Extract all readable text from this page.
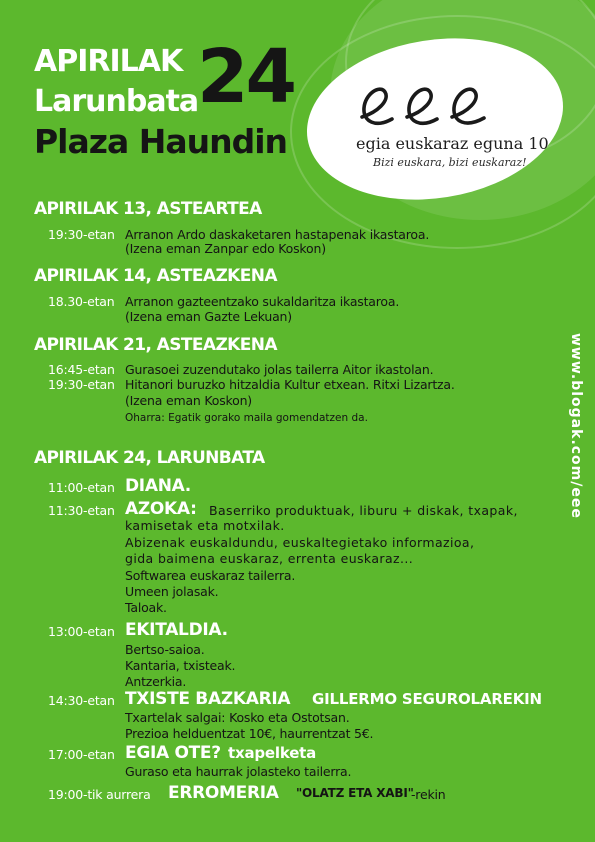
APIRILAK
Larunbata
Plaza Haundin
24
egia euskaraz eguna 10
Bizi euskara, bizi euskaraz!
www.blogak.com/eee
APIRILAK 13, ASTEARTEA
19:30-etan Arranon Ardo daskaketaren hastapenak ikastaroa.
(Izena eman Zanpar edo Koskon)
APIRILAK 14, ASTEAZKENA
18.30-etan Arranon gazteentzako sukaldaritza ikastaroa.
(Izena eman Gazte Lekuan)
APIRILAK 21, ASTEAZKENA
16:45-etan Gurasoei zuzendutako jolas tailerra Aitor ikastolan.
19:30-etan Hitanori buruzko hitzaldia Kultur etxean. Ritxi Lizartza.
(Izena eman Koskon)
Oharra: Egatik gorako maila gomendatzen da.
APIRILAK 24, LARUNBATA
11:00-etan DIANA.
11:30-etan AZOKA: Baserriko produktuak, liburu + diskak, txapak,
kamisetak eta motxilak.
Abizenak euskaldundu, euskaltegietako informazioa,
gida baimena euskaraz, errenta euskaraz...
Softwarea euskaraz tailerra.
Umeen jolasak.
Taloak.
13:00-etan EKITALDIA.
Bertso-saioa.
Kantaria, txisteak.
Antzerkia.
14:30-etan TXISTE BAZKARIA GILLERMO SEGUROLAREKIN
Txartelak salgai: Kosko eta Ostotsan.
Prezioa helduentzat 10€, haurrentzat 5€.
17:00-etan EGIA OTE? txapelketa
Guraso eta haurrak jolasteko tailerra.
19:00-tik aurrera ERROMERIA "OLATZ ETA XABI"
-rekin
